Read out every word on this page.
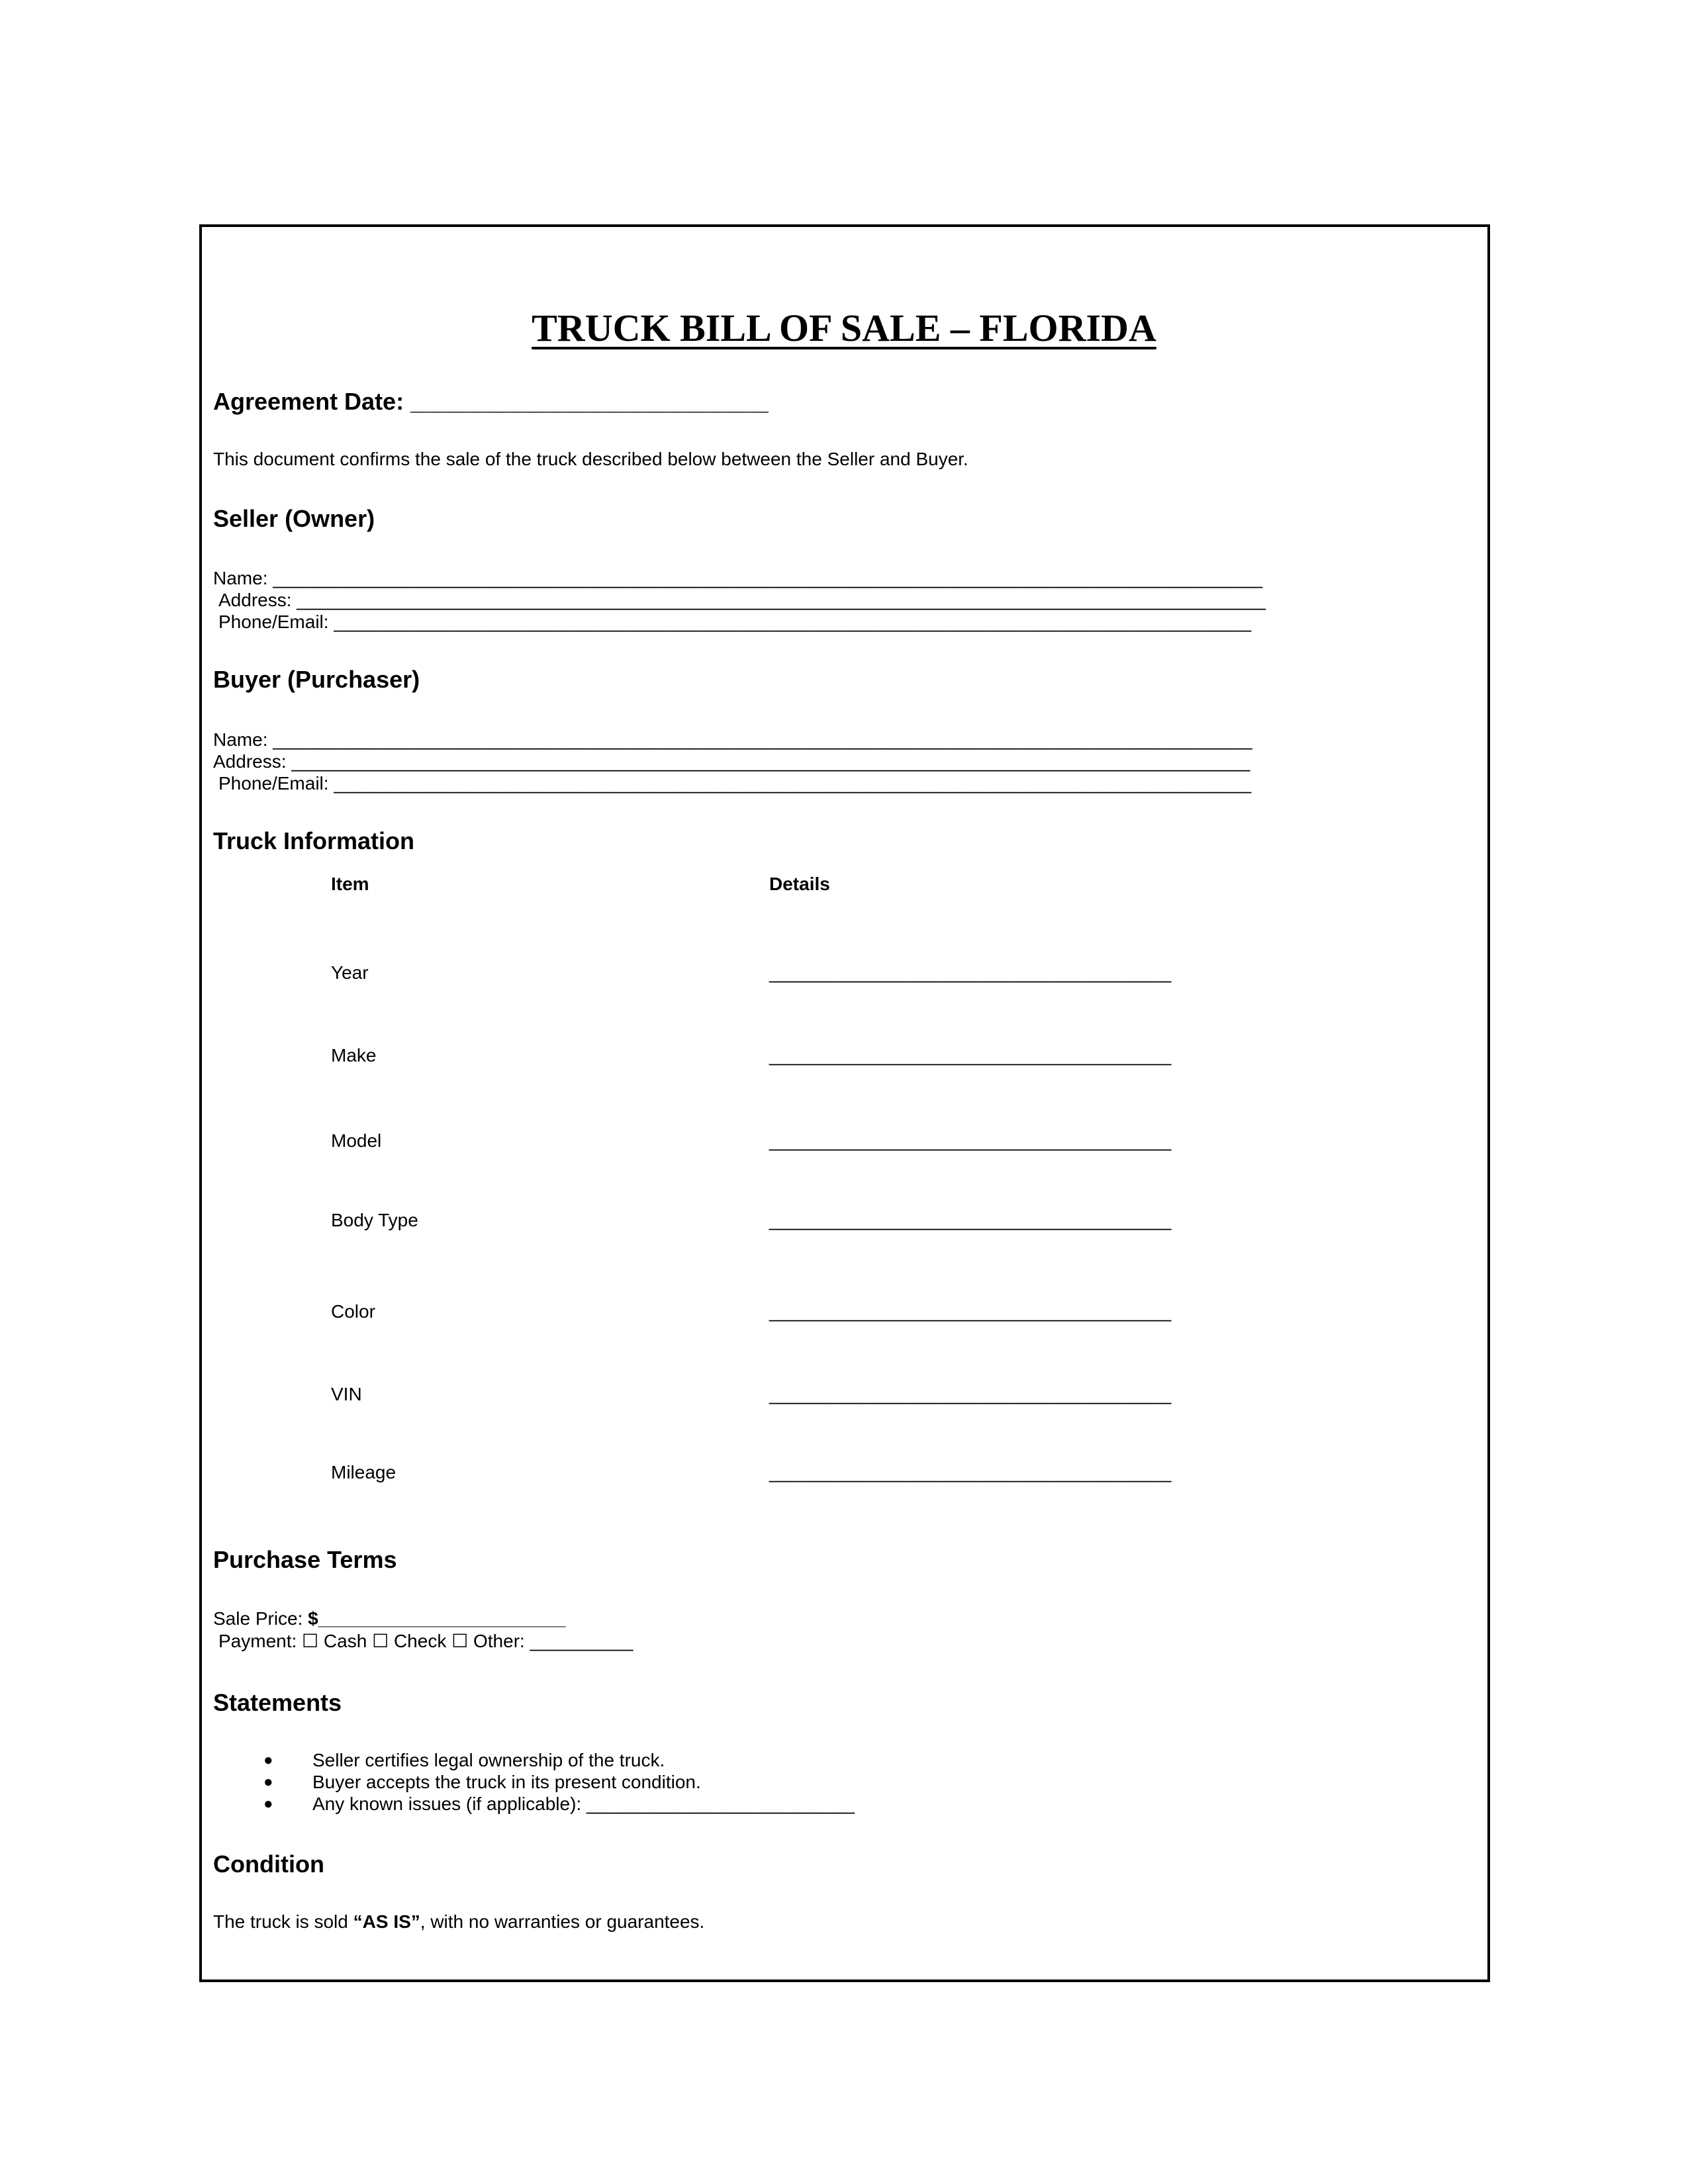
TRUCK BILL OF SALE – FLORIDA
Agreement Date: ___________________________
This document confirms the sale of the truck described below between the Seller and Buyer.
Seller (Owner)
Name: ________________________________________________________________________________________________
Address: ______________________________________________________________________________________________
Phone/Email: _________________________________________________________________________________________
Buyer (Purchaser)
Name: _______________________________________________________________________________________________
Address: _____________________________________________________________________________________________
Phone/Email: _________________________________________________________________________________________
Truck Information
Item	Details
Year	_______________________________________
Make	_______________________________________
Model	_______________________________________
Body Type	_______________________________________
Color	_______________________________________
VIN	_______________________________________
Mileage	_______________________________________
Purchase Terms
Sale Price: $________________________
Payment: ☐ Cash ☐ Check ☐ Other: __________
Statements
● Seller certifies legal ownership of the truck.
● Buyer accepts the truck in its present condition.
● Any known issues (if applicable): __________________________
Condition
The truck is sold “AS IS”, with no warranties or guarantees.
